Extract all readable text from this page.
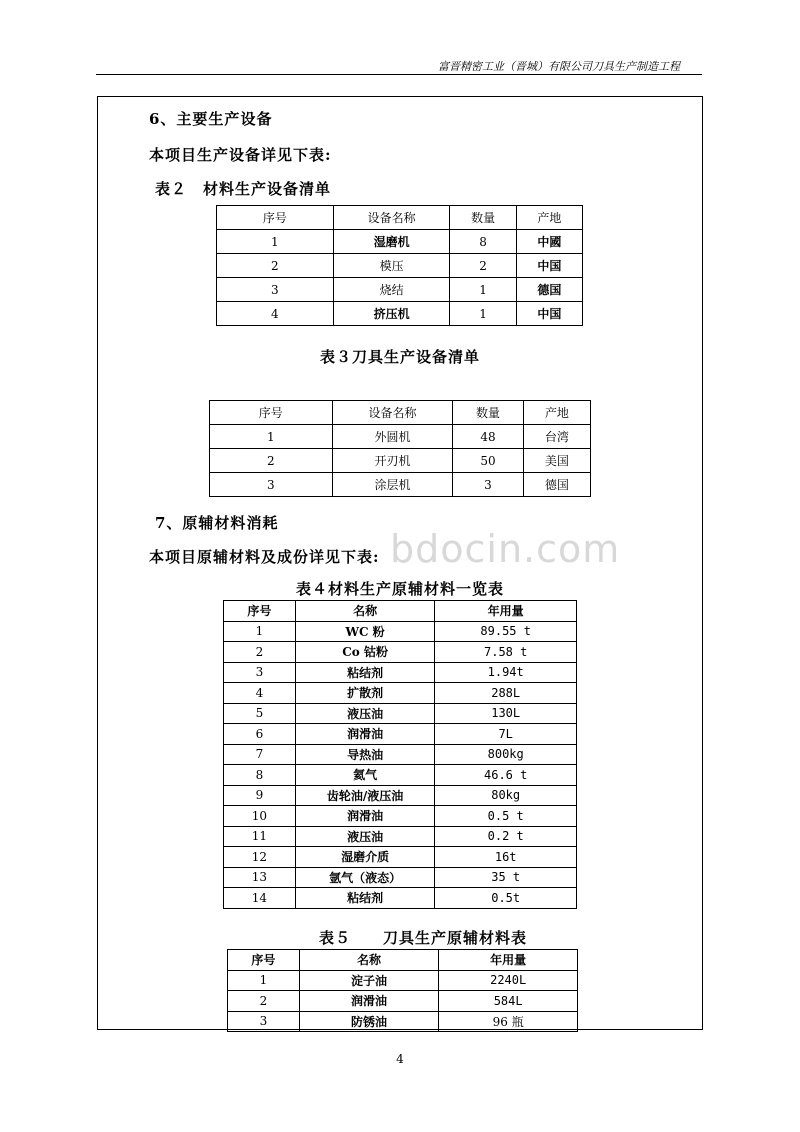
富晋精密工业（晋城）有限公司刀具生产制造工程
6、主要生产设备
本项目生产设备详见下表:
表２　材料生产设备清单
序号	设备名称	数量	产地
1	湿磨机	8	中國
2	模压	2	中国
3	烧结	1	德国
4	挤压机	1	中国
表３刀具生产设备清单
序号	设备名称	数量	产地
1	外圆机	48	台湾
2	开刃机	50	美国
3	涂层机	3	德国
7、原辅材料消耗
本项目原辅材料及成份详见下表: bdocin.com
表４材料生产原辅材料一览表
序号	名称	年用量
1	WC 粉	89.55 t
2	Co 钴粉	7.58 t
3	粘结剂	1.94t
4	扩散剂	288L
5	液压油	130L
6	润滑油	7L
7	导热油	800kg
8	氦气	46.6 t
9	齿轮油/液压油	80kg
10	润滑油	0.5 t
11	液压油	0.2 t
12	湿磨介质	16t
13	氩气（液态）	35 t
14	粘结剂	0.5t
表５　　刀具生产原辅材料表
序号	名称	年用量
1	淀子油	2240L
2	润滑油	584L
3	防锈油	96 瓶
4
